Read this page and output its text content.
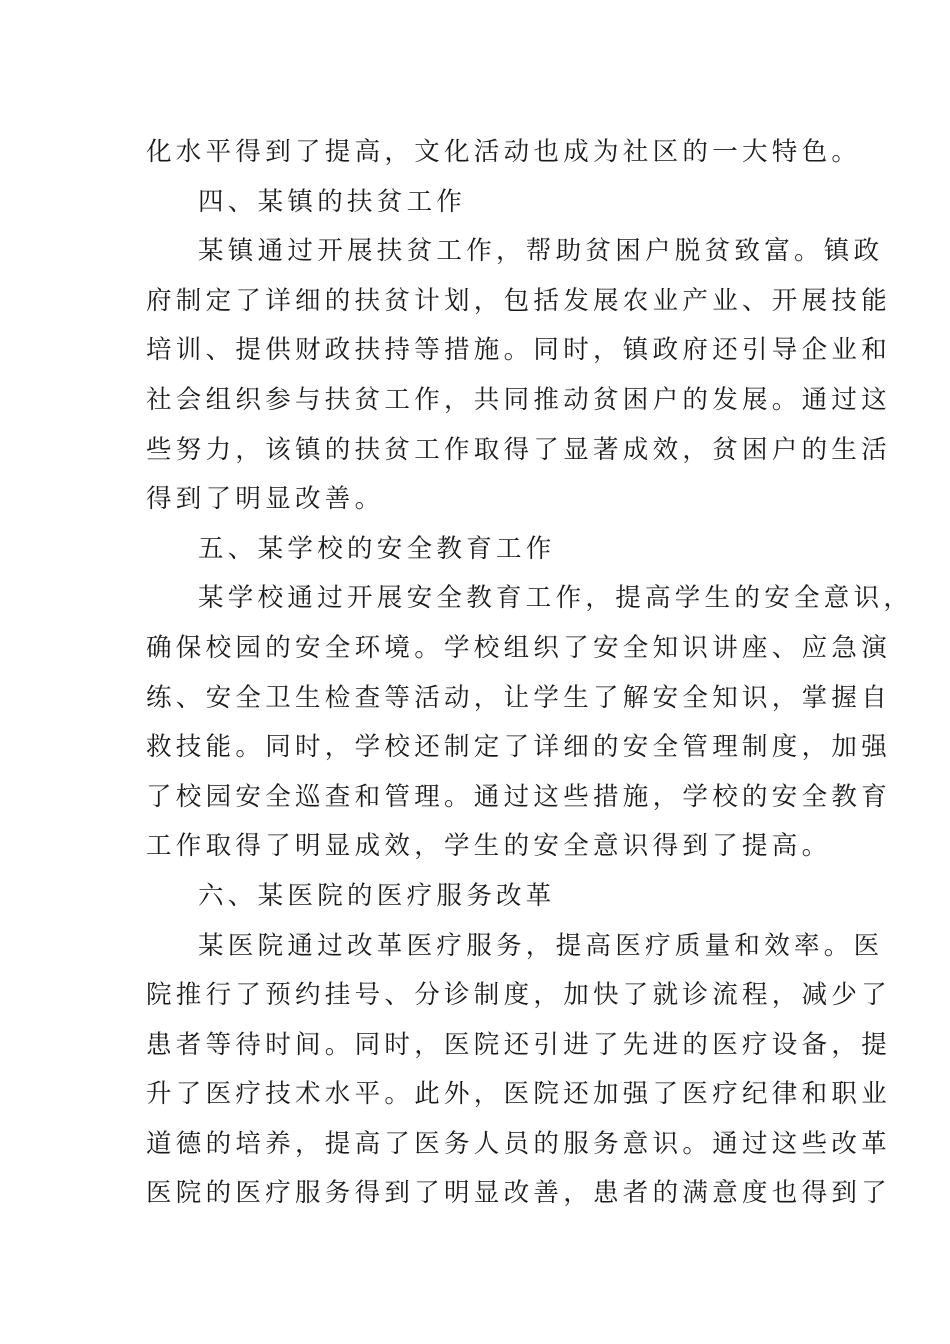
化水平得到了提高，文化活动也成为社区的一大特色。
四、某镇的扶贫工作
某镇通过开展扶贫工作，帮助贫困户脱贫致富。镇政
府制定了详细的扶贫计划，包括发展农业产业、开展技能
培训、提供财政扶持等措施。同时，镇政府还引导企业和
社会组织参与扶贫工作，共同推动贫困户的发展。通过这
些努力，该镇的扶贫工作取得了显著成效，贫困户的生活
得到了明显改善。
五、某学校的安全教育工作
某学校通过开展安全教育工作，提高学生的安全意识，
确保校园的安全环境。学校组织了安全知识讲座、应急演
练、安全卫生检查等活动，让学生了解安全知识，掌握自
救技能。同时，学校还制定了详细的安全管理制度，加强
了校园安全巡查和管理。通过这些措施，学校的安全教育
工作取得了明显成效，学生的安全意识得到了提高。
六、某医院的医疗服务改革
某医院通过改革医疗服务，提高医疗质量和效率。医
院推行了预约挂号、分诊制度，加快了就诊流程，减少了
患者等待时间。同时，医院还引进了先进的医疗设备，提
升了医疗技术水平。此外，医院还加强了医疗纪律和职业
道德的培养，提高了医务人员的服务意识。通过这些改革
医院的医疗服务得到了明显改善，患者的满意度也得到了
